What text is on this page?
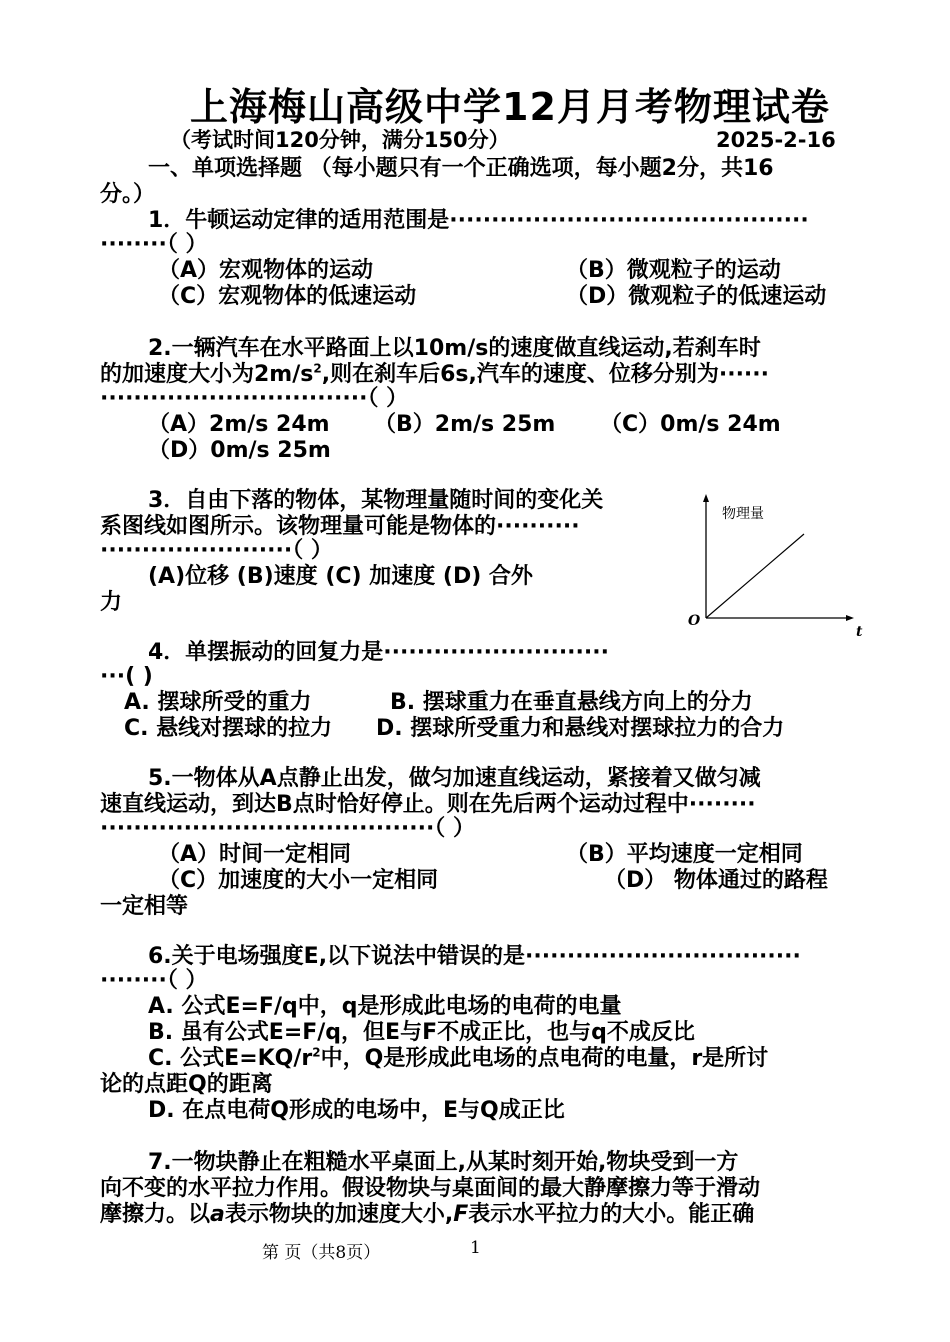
上海梅山高级中学12月月考物理试卷
（考试时间120分钟，满分150分）	2025-2-16
一、单项选择题 （每小题只有一个正确选项，每小题2分，共16
分。）
1．牛顿运动定律的适用范围是···········································
········（ ）
（A）宏观物体的运动	（B）微观粒子的运动
（C）宏观物体的低速运动	（D）微观粒子的低速运动
2.一辆汽车在水平路面上以10m/s的速度做直线运动,若刹车时
的加速度大小为$2m/s^2$,则在刹车后6s,汽车的速度、位移分别为······
································（ ）
（A）2m/s 24m （B）2m/s 25m （C）0m/s 24m
（D）0m/s 25m
3．自由下落的物体，某物理量随时间的变化关
系图线如图所示。该物理量可能是物体的··········
·······················（ ）
(A)位移 (B)速度 (C) 加速度 (D) 合外
力
物理量
O
t
4．单摆振动的回复力是···························
···( )
A. 摆球所受的重力	B. 摆球重力在垂直悬线方向上的分力
C. 悬线对摆球的拉力 D. 摆球所受重力和悬线对摆球拉力的合力
5.一物体从A点静止出发，做匀加速直线运动，紧接着又做匀减
速直线运动，到达B点时恰好停止。则在先后两个运动过程中········
········································（ ）
（A）时间一定相同	（B）平均速度一定相同
（C）加速度的大小一定相同	（D） 物体通过的路程
一定相等
6.关于电场强度E,以下说法中错误的是·································
········（ ）
A. 公式E=F/q中，q是形成此电场的电荷的电量
B. 虽有公式E=F/q，但E与F不成正比，也与q不成反比
C. 公式$E=KQ/r^2$中，Q是形成此电场的点电荷的电量，r是所讨
论的点距Q的距离
D. 在点电荷Q形成的电场中，E与Q成正比
7.一物块静止在粗糙水平桌面上,从某时刻开始,物块受到一方
向不变的水平拉力作用。假设物块与桌面间的最大静摩擦力等于滑动
摩擦力。以a表示物块的加速度大小,F表示水平拉力的大小。能正确
第 页（共8页）	1
